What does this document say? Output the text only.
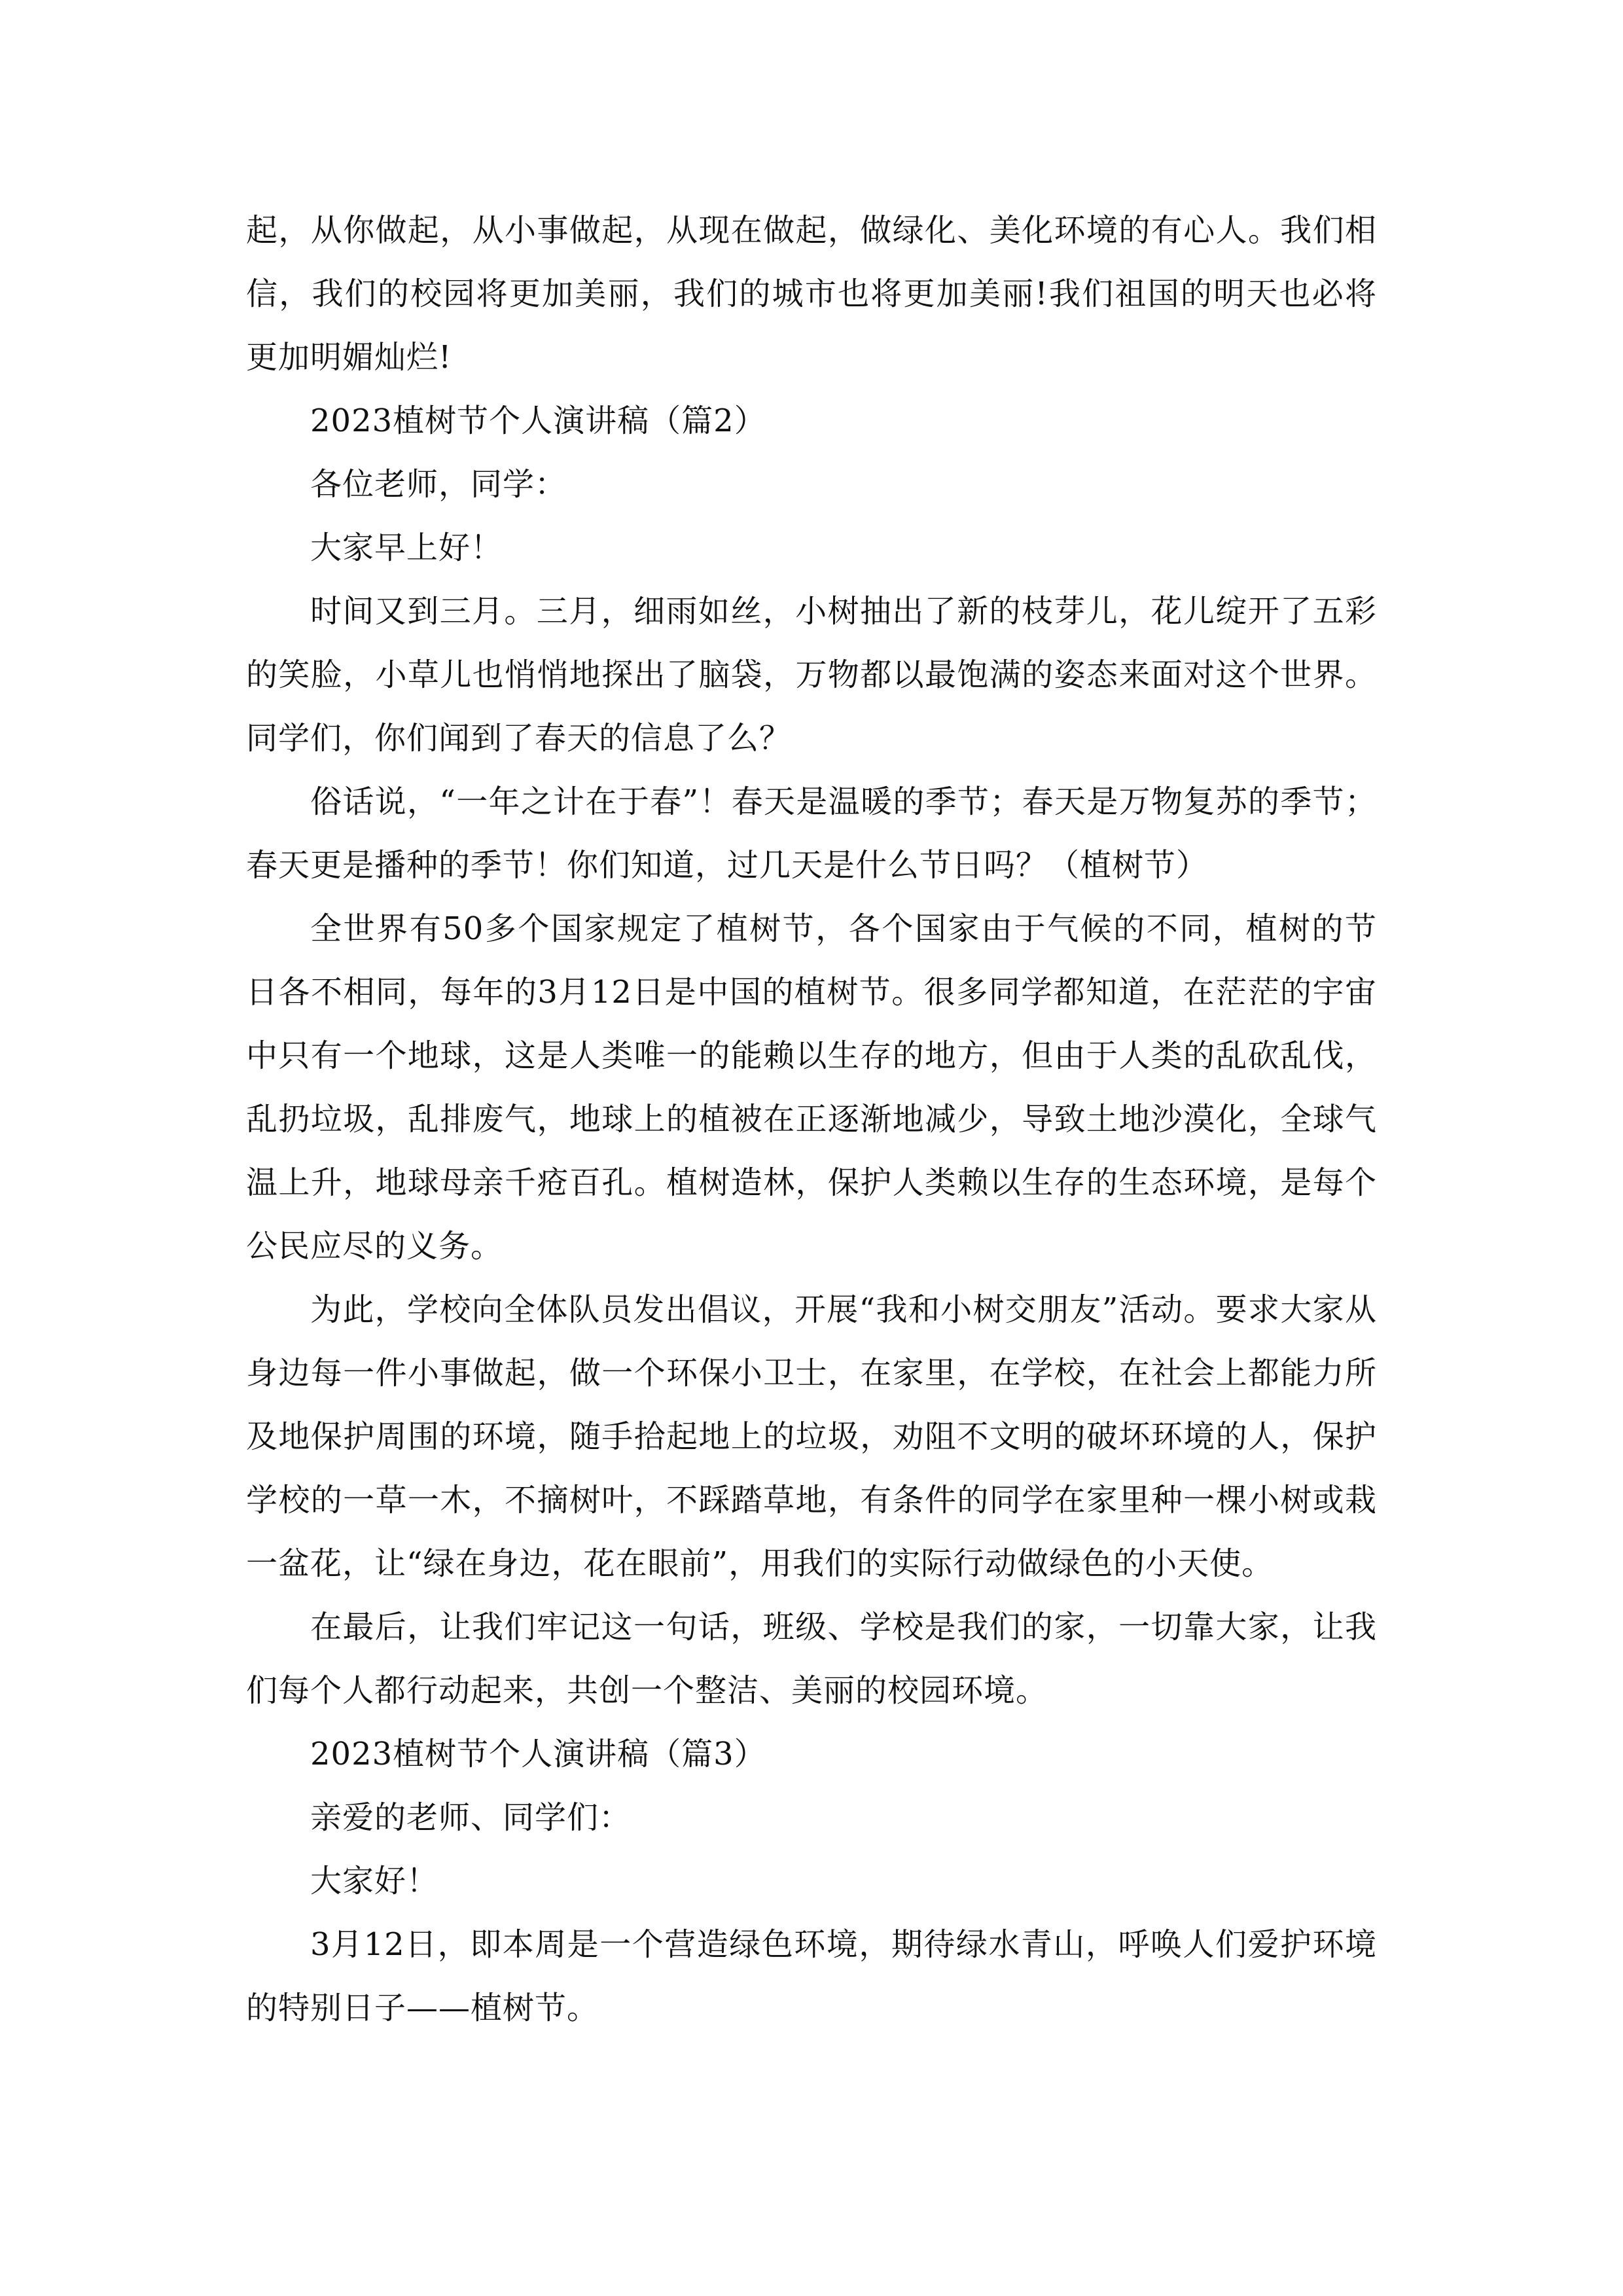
起，从你做起，从小事做起，从现在做起，做绿化、美化环境的有心人。我们相信，我们的校园将更加美丽，我们的城市也将更加美丽!我们祖国的明天也必将更加明媚灿烂!

2023植树节个人演讲稿（篇2）

各位老师，同学：

大家早上好！

时间又到三月。三月，细雨如丝，小树抽出了新的枝芽儿，花儿绽开了五彩的笑脸，小草儿也悄悄地探出了脑袋，万物都以最饱满的姿态来面对这个世界。同学们，你们闻到了春天的信息了么？

俗话说，“一年之计在于春”！春天是温暖的季节；春天是万物复苏的季节；春天更是播种的季节！你们知道，过几天是什么节日吗？（植树节）

全世界有50多个国家规定了植树节，各个国家由于气候的不同，植树的节日各不相同，每年的3月12日是中国的植树节。很多同学都知道，在茫茫的宇宙中只有一个地球，这是人类唯一的能赖以生存的地方，但由于人类的乱砍乱伐，乱扔垃圾，乱排废气，地球上的植被在正逐渐地减少，导致土地沙漠化，全球气温上升，地球母亲千疮百孔。植树造林，保护人类赖以生存的生态环境，是每个公民应尽的义务。

为此，学校向全体队员发出倡议，开展“我和小树交朋友”活动。要求大家从身边每一件小事做起，做一个环保小卫士，在家里，在学校，在社会上都能力所及地保护周围的环境，随手拾起地上的垃圾，劝阻不文明的破坏环境的人，保护学校的一草一木，不摘树叶，不踩踏草地，有条件的同学在家里种一棵小树或栽一盆花，让“绿在身边，花在眼前”，用我们的实际行动做绿色的小天使。

在最后，让我们牢记这一句话，班级、学校是我们的家，一切靠大家，让我们每个人都行动起来，共创一个整洁、美丽的校园环境。

2023植树节个人演讲稿（篇3）

亲爱的老师、同学们：

大家好！

3月12日，即本周是一个营造绿色环境，期待绿水青山，呼唤人们爱护环境的特别日子——植树节。
